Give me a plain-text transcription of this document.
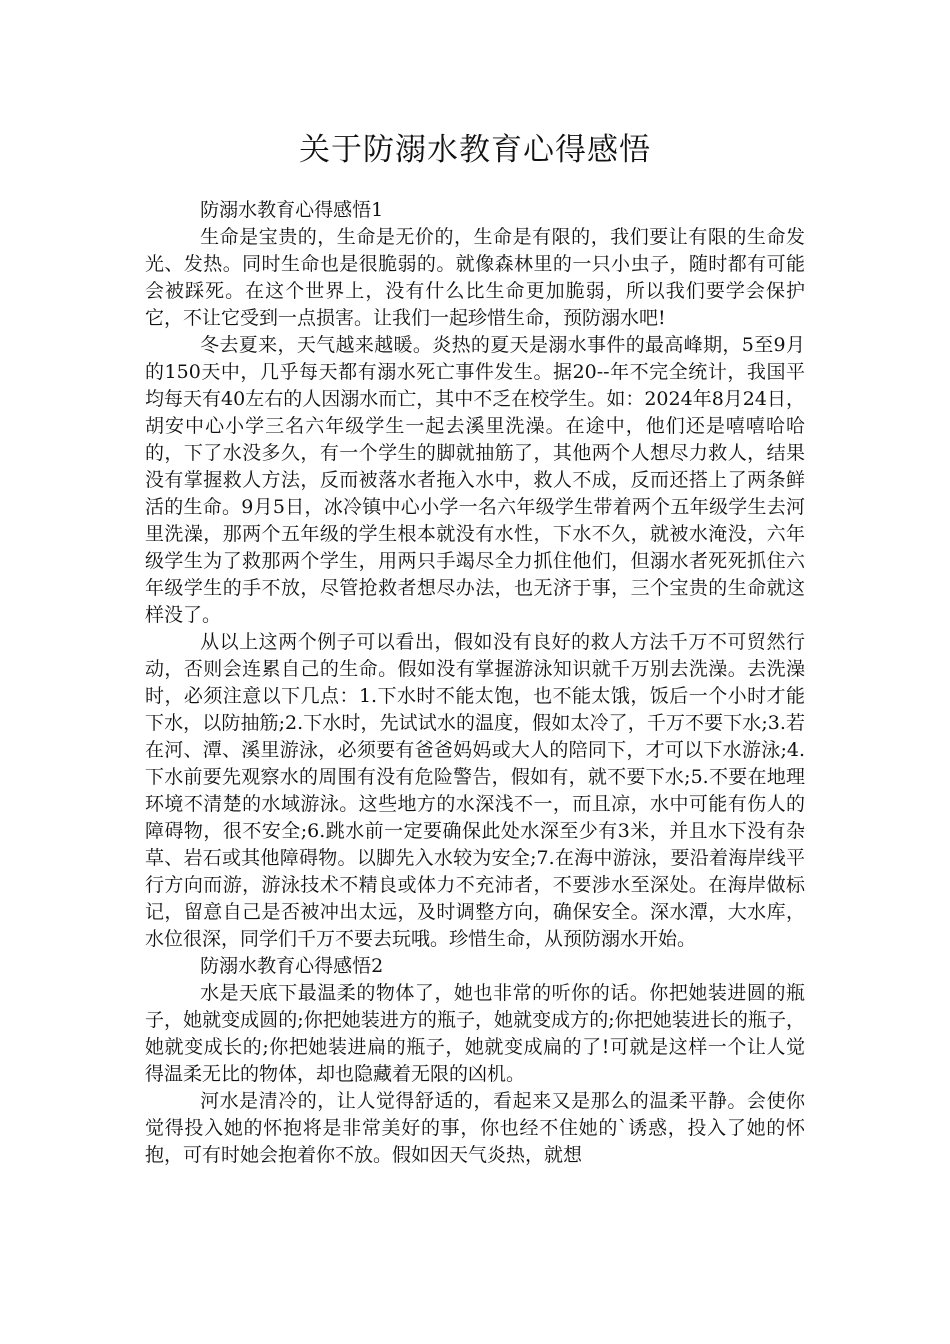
关于防溺水教育心得感悟

防溺水教育心得感悟1

生命是宝贵的，生命是无价的，生命是有限的，我们要让有限的生命发光、发热。同时生命也是很脆弱的。就像森林里的一只小虫子，随时都有可能会被踩死。在这个世界上，没有什么比生命更加脆弱，所以我们要学会保护它，不让它受到一点损害。让我们一起珍惜生命，预防溺水吧!

冬去夏来，天气越来越暖。炎热的夏天是溺水事件的最高峰期，5至9月的150天中，几乎每天都有溺水死亡事件发生。据20--年不完全统计，我国平均每天有40左右的人因溺水而亡，其中不乏在校学生。如：2024年8月24日，胡安中心小学三名六年级学生一起去溪里洗澡。在途中，他们还是嘻嘻哈哈的，下了水没多久，有一个学生的脚就抽筋了，其他两个人想尽力救人，结果没有掌握救人方法，反而被落水者拖入水中，救人不成，反而还搭上了两条鲜活的生命。9月5日，冰冷镇中心小学一名六年级学生带着两个五年级学生去河里洗澡，那两个五年级的学生根本就没有水性，下水不久，就被水淹没，六年级学生为了救那两个学生，用两只手竭尽全力抓住他们，但溺水者死死抓住六年级学生的手不放，尽管抢救者想尽办法，也无济于事，三个宝贵的生命就这样没了。

从以上这两个例子可以看出，假如没有良好的救人方法千万不可贸然行动，否则会连累自己的生命。假如没有掌握游泳知识就千万别去洗澡。去洗澡时，必须注意以下几点：1.下水时不能太饱，也不能太饿，饭后一个小时才能下水，以防抽筋;2.下水时，先试试水的温度，假如太冷了，千万不要下水;3.若在河、潭、溪里游泳，必须要有爸爸妈妈或大人的陪同下，才可以下水游泳;4.下水前要先观察水的周围有没有危险警告，假如有，就不要下水;5.不要在地理环境不清楚的水域游泳。这些地方的水深浅不一，而且凉，水中可能有伤人的障碍物，很不安全;6.跳水前一定要确保此处水深至少有3米，并且水下没有杂草、岩石或其他障碍物。以脚先入水较为安全;7.在海中游泳，要沿着海岸线平行方向而游，游泳技术不精良或体力不充沛者，不要涉水至深处。在海岸做标记，留意自己是否被冲出太远，及时调整方向，确保安全。深水潭，大水库，水位很深，同学们千万不要去玩哦。珍惜生命，从预防溺水开始。

防溺水教育心得感悟2

水是天底下最温柔的物体了，她也非常的听你的话。你把她装进圆的瓶子，她就变成圆的;你把她装进方的瓶子，她就变成方的;你把她装进长的瓶子，她就变成长的;你把她装进扁的瓶子，她就变成扁的了!可就是这样一个让人觉得温柔无比的物体，却也隐藏着无限的凶机。

河水是清冷的，让人觉得舒适的，看起来又是那么的温柔平静。会使你觉得投入她的怀抱将是非常美好的事，你也经不住她的`诱惑，投入了她的怀抱，可有时她会抱着你不放。假如因天气炎热，就想
